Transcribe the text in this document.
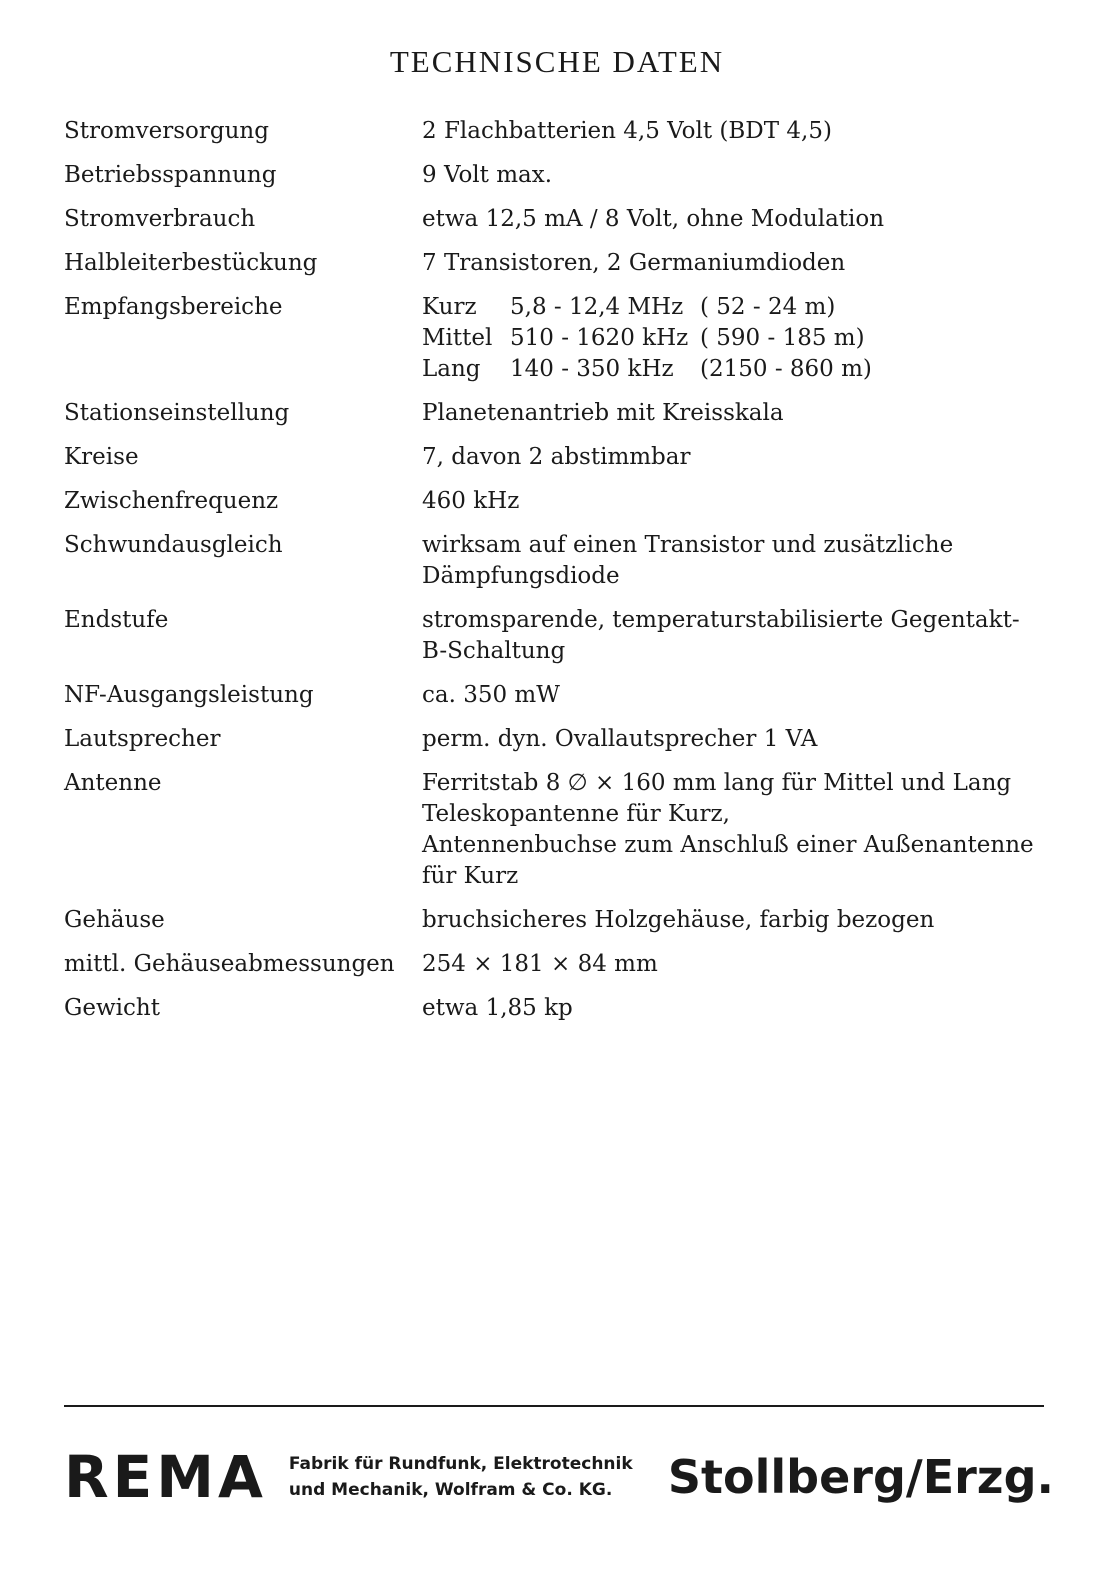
TECHNISCHE DATEN
Stromversorgung	2 Flachbatterien 4,5 Volt (BDT 4,5)
Betriebsspannung	9 Volt max.
Stromverbrauch	etwa 12,5 mA / 8 Volt, ohne Modulation
Halbleiterbestückung	7 Transistoren, 2 Germaniumdioden
Empfangsbereiche	Kurz	5,8 - 12,4 MHz ( 52 - 24 m)
Mittel 510 - 1620 kHz ( 590 - 185 m)
Lang	140 - 350 kHz	(2150 - 860 m)
Stationseinstellung	Planetenantrieb mit Kreisskala
Kreise	7, davon 2 abstimmbar
Zwischenfrequenz	460 kHz
Schwundausgleich	wirksam auf einen Transistor und zusätzliche
Dämpfungsdiode
Endstufe	stromsparende, temperaturstabilisierte Gegentakt-
B-Schaltung
NF-Ausgangsleistung	ca. 350 mW
Lautsprecher	perm. dyn. Ovallautsprecher 1 VA
Antenne	Ferritstab 8 ∅ × 160 mm lang für Mittel und Lang
Teleskopantenne für Kurz,
Antennenbuchse zum Anschluß einer Außenantenne
für Kurz
Gehäuse	bruchsicheres Holzgehäuse, farbig bezogen
mittl. Gehäuseabmessungen	254 × 181 × 84 mm
Gewicht	etwa 1,85 kp
REMA Fabrik für Rundfunk, Elektrotechnik
und Mechanik, Wolfram & Co. KG.	Stollberg/Erzg.
